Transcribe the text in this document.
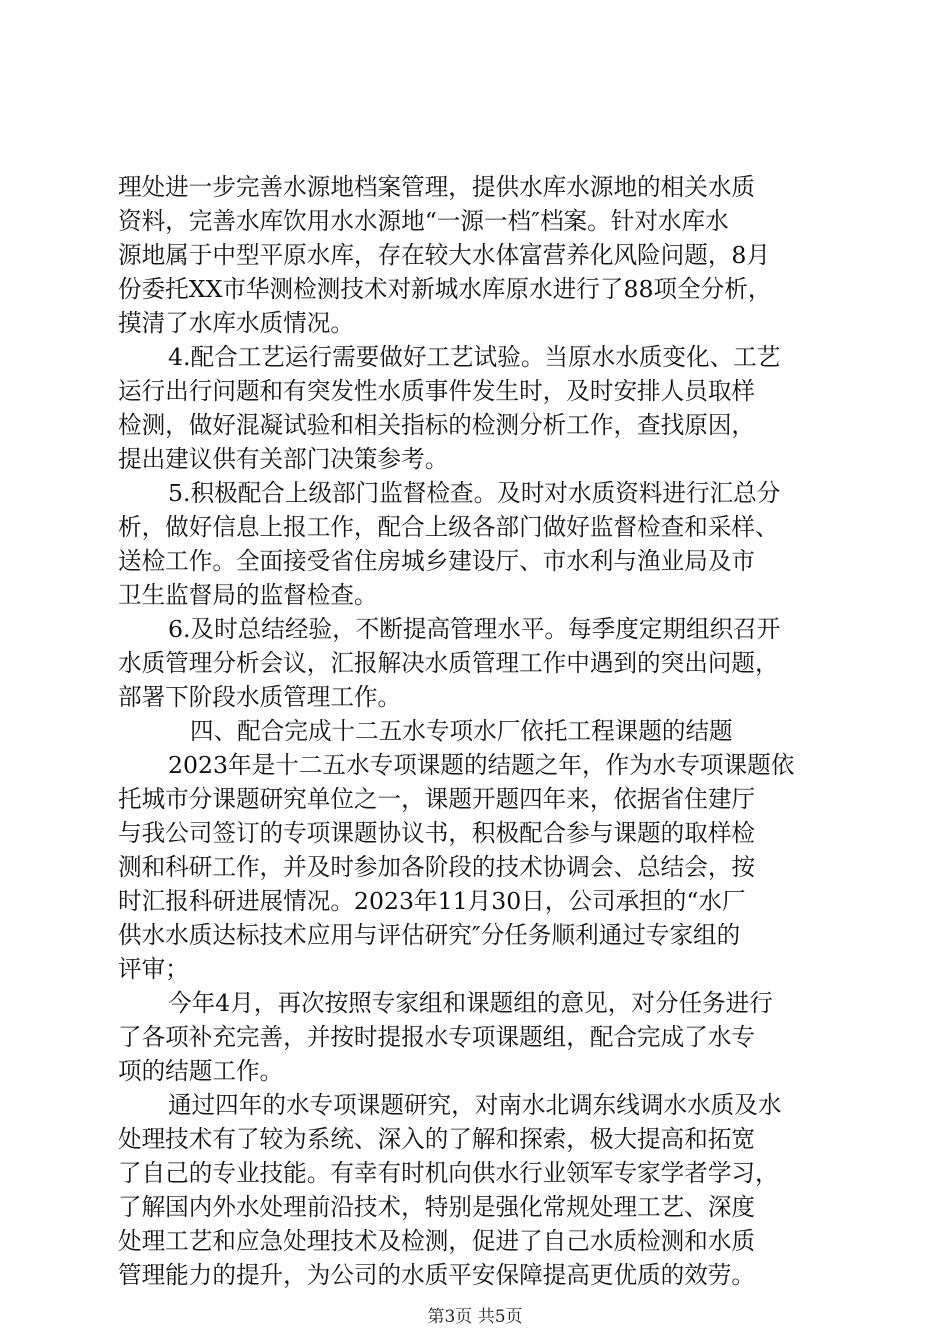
理处进一步完善水源地档案管理，提供水库水源地的相关水质
资料，完善水库饮用水水源地“一源一档″档案。针对水库水
源地属于中型平原水库，存在较大水体富营养化风险问题，8月
份委托XX市华测检测技术对新城水库原水进行了88项全分析，
摸清了水库水质情况。
4.配合工艺运行需要做好工艺试验。当原水水质变化、工艺
运行出行问题和有突发性水质事件发生时，及时安排人员取样
检测，做好混凝试验和相关指标的检测分析工作，查找原因，
提出建议供有关部门决策参考。
5.积极配合上级部门监督检查。及时对水质资料进行汇总分
析，做好信息上报工作，配合上级各部门做好监督检查和采样、
送检工作。全面接受省住房城乡建设厅、市水利与渔业局及市
卫生监督局的监督检查。
6.及时总结经验，不断提高管理水平。每季度定期组织召开
水质管理分析会议，汇报解决水质管理工作中遇到的突出问题，
部署下阶段水质管理工作。
四、配合完成十二五水专项水厂依托工程课题的结题
2023年是十二五水专项课题的结题之年，作为水专项课题依
托城市分课题研究单位之一，课题开题四年来，依据省住建厅
与我公司签订的专项课题协议书，积极配合参与课题的取样检
测和科研工作，并及时参加各阶段的技术协调会、总结会，按
时汇报科研进展情况。2023年11月30日，公司承担的“水厂
供水水质达标技术应用与评估研究″分任务顺利通过专家组的
评审；
今年4月，再次按照专家组和课题组的意见，对分任务进行
了各项补充完善，并按时提报水专项课题组，配合完成了水专
项的结题工作。
通过四年的水专项课题研究，对南水北调东线调水水质及水
处理技术有了较为系统、深入的了解和探索，极大提高和拓宽
了自己的专业技能。有幸有时机向供水行业领军专家学者学习，
了解国内外水处理前沿技术，特别是强化常规处理工艺、深度
处理工艺和应急处理技术及检测，促进了自己水质检测和水质
管理能力的提升，为公司的水质平安保障提高更优质的效劳。
第3页 共5页
